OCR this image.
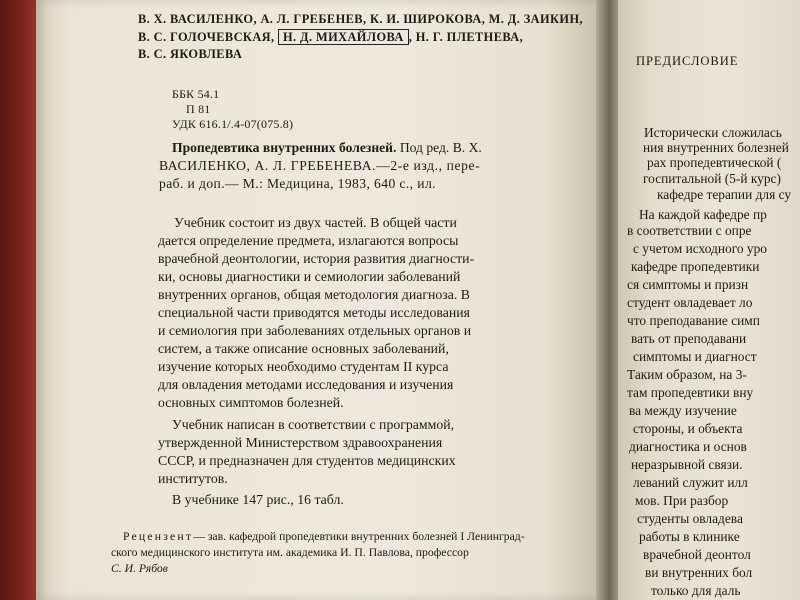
В. Х. ВАСИЛЕНКО, А. Л. ГРЕБЕНЕВ, К. И. ШИРОКОВА, М. Д. ЗАИКИН,
В. С. ГОЛОЧЕВСКАЯ, Н. Д. МИХАЙЛОВА , Н. Г. ПЛЕТНЕВА,
В. С. ЯКОВЛЕВА
ББК 54.1
П 81
УДК 616.1/.4-07(075.8)
Пропедевтика внутренних болезней. Под ред. В. Х.
ВАСИЛЕНКО, А. Л. ГРЕБЕНЕВА.—2-е изд., пере-
раб. и доп.— М.: Медицина, 1983, 640 с., ил.
Учебник состоит из двух частей. В общей части
дается определение предмета, излагаются вопросы
врачебной деонтологии, история развития диагности-
ки, основы диагностики и семиологии заболеваний
внутренних органов, общая методология диагноза. В
специальной части приводятся методы исследования
и семиология при заболеваниях отдельных органов и
систем, а также описание основных заболеваний,
изучение которых необходимо студентам II курса
для овладения методами исследования и изучения
основных симптомов болезней.
Учебник написан в соответствии с программой,
утвержденной Министерством здравоохранения
СССР, и предназначен для студентов медицинских
институтов.
В учебнике 147 рис., 16 табл.
Рецензент— зав. кафедрой пропедевтики внутренних болезней I Ленинград-
ского медицинского института им. академика И. П. Павлова, профессор
С. И. Рябов
ПРЕДИСЛОВИЕ
Исторически сложилась
ния внутренних болезней
рах пропедевтической (
госпитальной (5-й курс)
кафедре терапии для су
На каждой кафедре пр
в соответствии с опре
с учетом исходного уро
кафедре пропедевтики
ся симптомы и призн
студент овладевает ло
что преподавание симп
вать от преподавани
симптомы и диагност
Таким образом, на 3-
там пропедевтики вну
ва между изучение
стороны, и объекта
диагностика и основ
неразрывной связи.
леваний служит илл
мов. При разбор
студенты овладева
работы в клинике
врачебной деонтол
ви внутренних бол
только для даль
